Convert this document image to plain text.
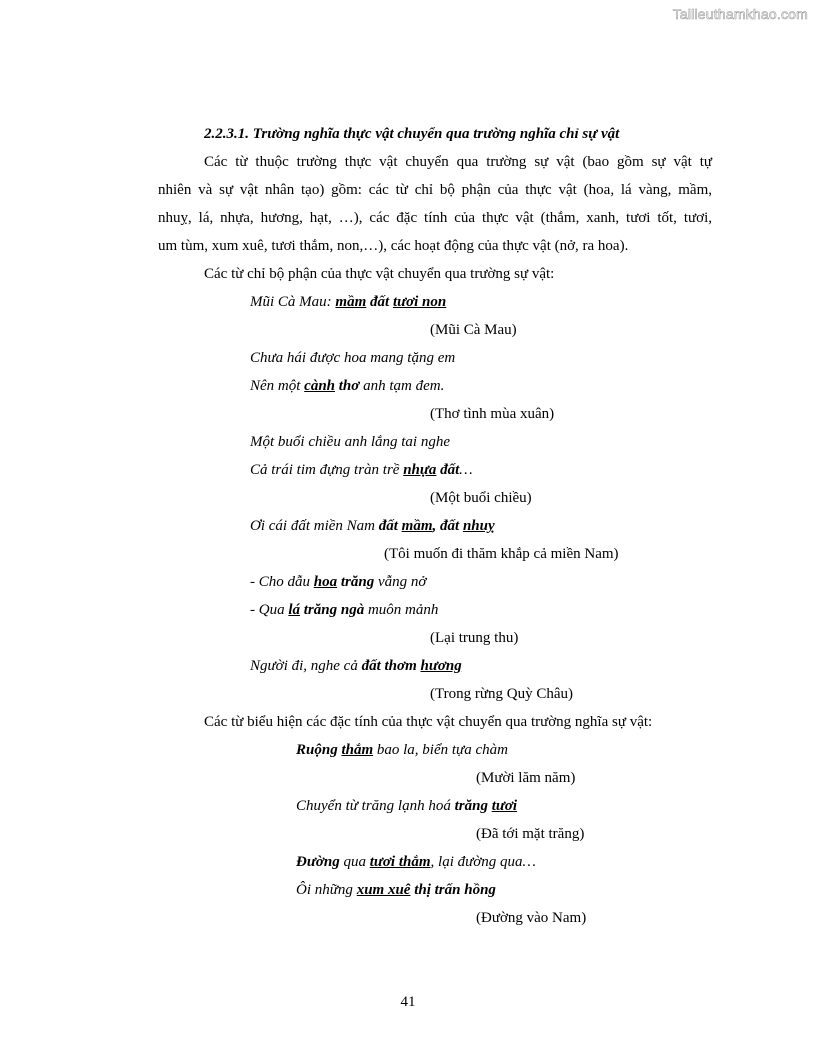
Tailieuthamkhao.com
2.2.3.1. Trường nghĩa thực vật chuyển qua trường nghĩa chỉ sự vật
Các từ thuộc trường thực vật chuyển qua trường sự vật (bao gồm sự vật tự
nhiên và sự vật nhân tạo) gồm: các từ chỉ bộ phận của thực vật (hoa, lá vàng, mầm,
nhuỵ, lá, nhựa, hương, hạt, …), các đặc tính của thực vật (thắm, xanh, tươi tốt, tươi,
um tùm, xum xuê, tươi thắm, non,…), các hoạt động của thực vật (nở, ra hoa).
Các từ chỉ bộ phận của thực vật chuyển qua trường sự vật:
Mũi Cà Mau: mầm đất tươi non
(Mũi Cà Mau)
Chưa hái được hoa mang tặng em
Nên một cành thơ anh tạm đem.
(Thơ tình mùa xuân)
Một buổi chiều anh lắng tai nghe
Cả trái tim đựng tràn trề nhựa đất…
(Một buổi chiều)
Ơi cái đất miền Nam đất mầm, đất nhuỵ
(Tôi muốn đi thăm khắp cả miền Nam)
- Cho dẫu hoa trăng vẫng nở
- Qua lá trăng ngà muôn mảnh
(Lại trung thu)
Người đi, nghe cả đất thơm hương
(Trong rừng Quỳ Châu)
Các từ biểu hiện các đặc tính của thực vật chuyển qua trường nghĩa sự vật:
Ruộng thắm bao la, biển tựa chàm
(Mười lăm năm)
Chuyển từ trăng lạnh hoá trăng tươi
(Đã tới mặt trăng)
Đường qua tươi thắm, lại đường qua…
Ôi những xum xuê thị trấn hồng
(Đường vào Nam)
41
